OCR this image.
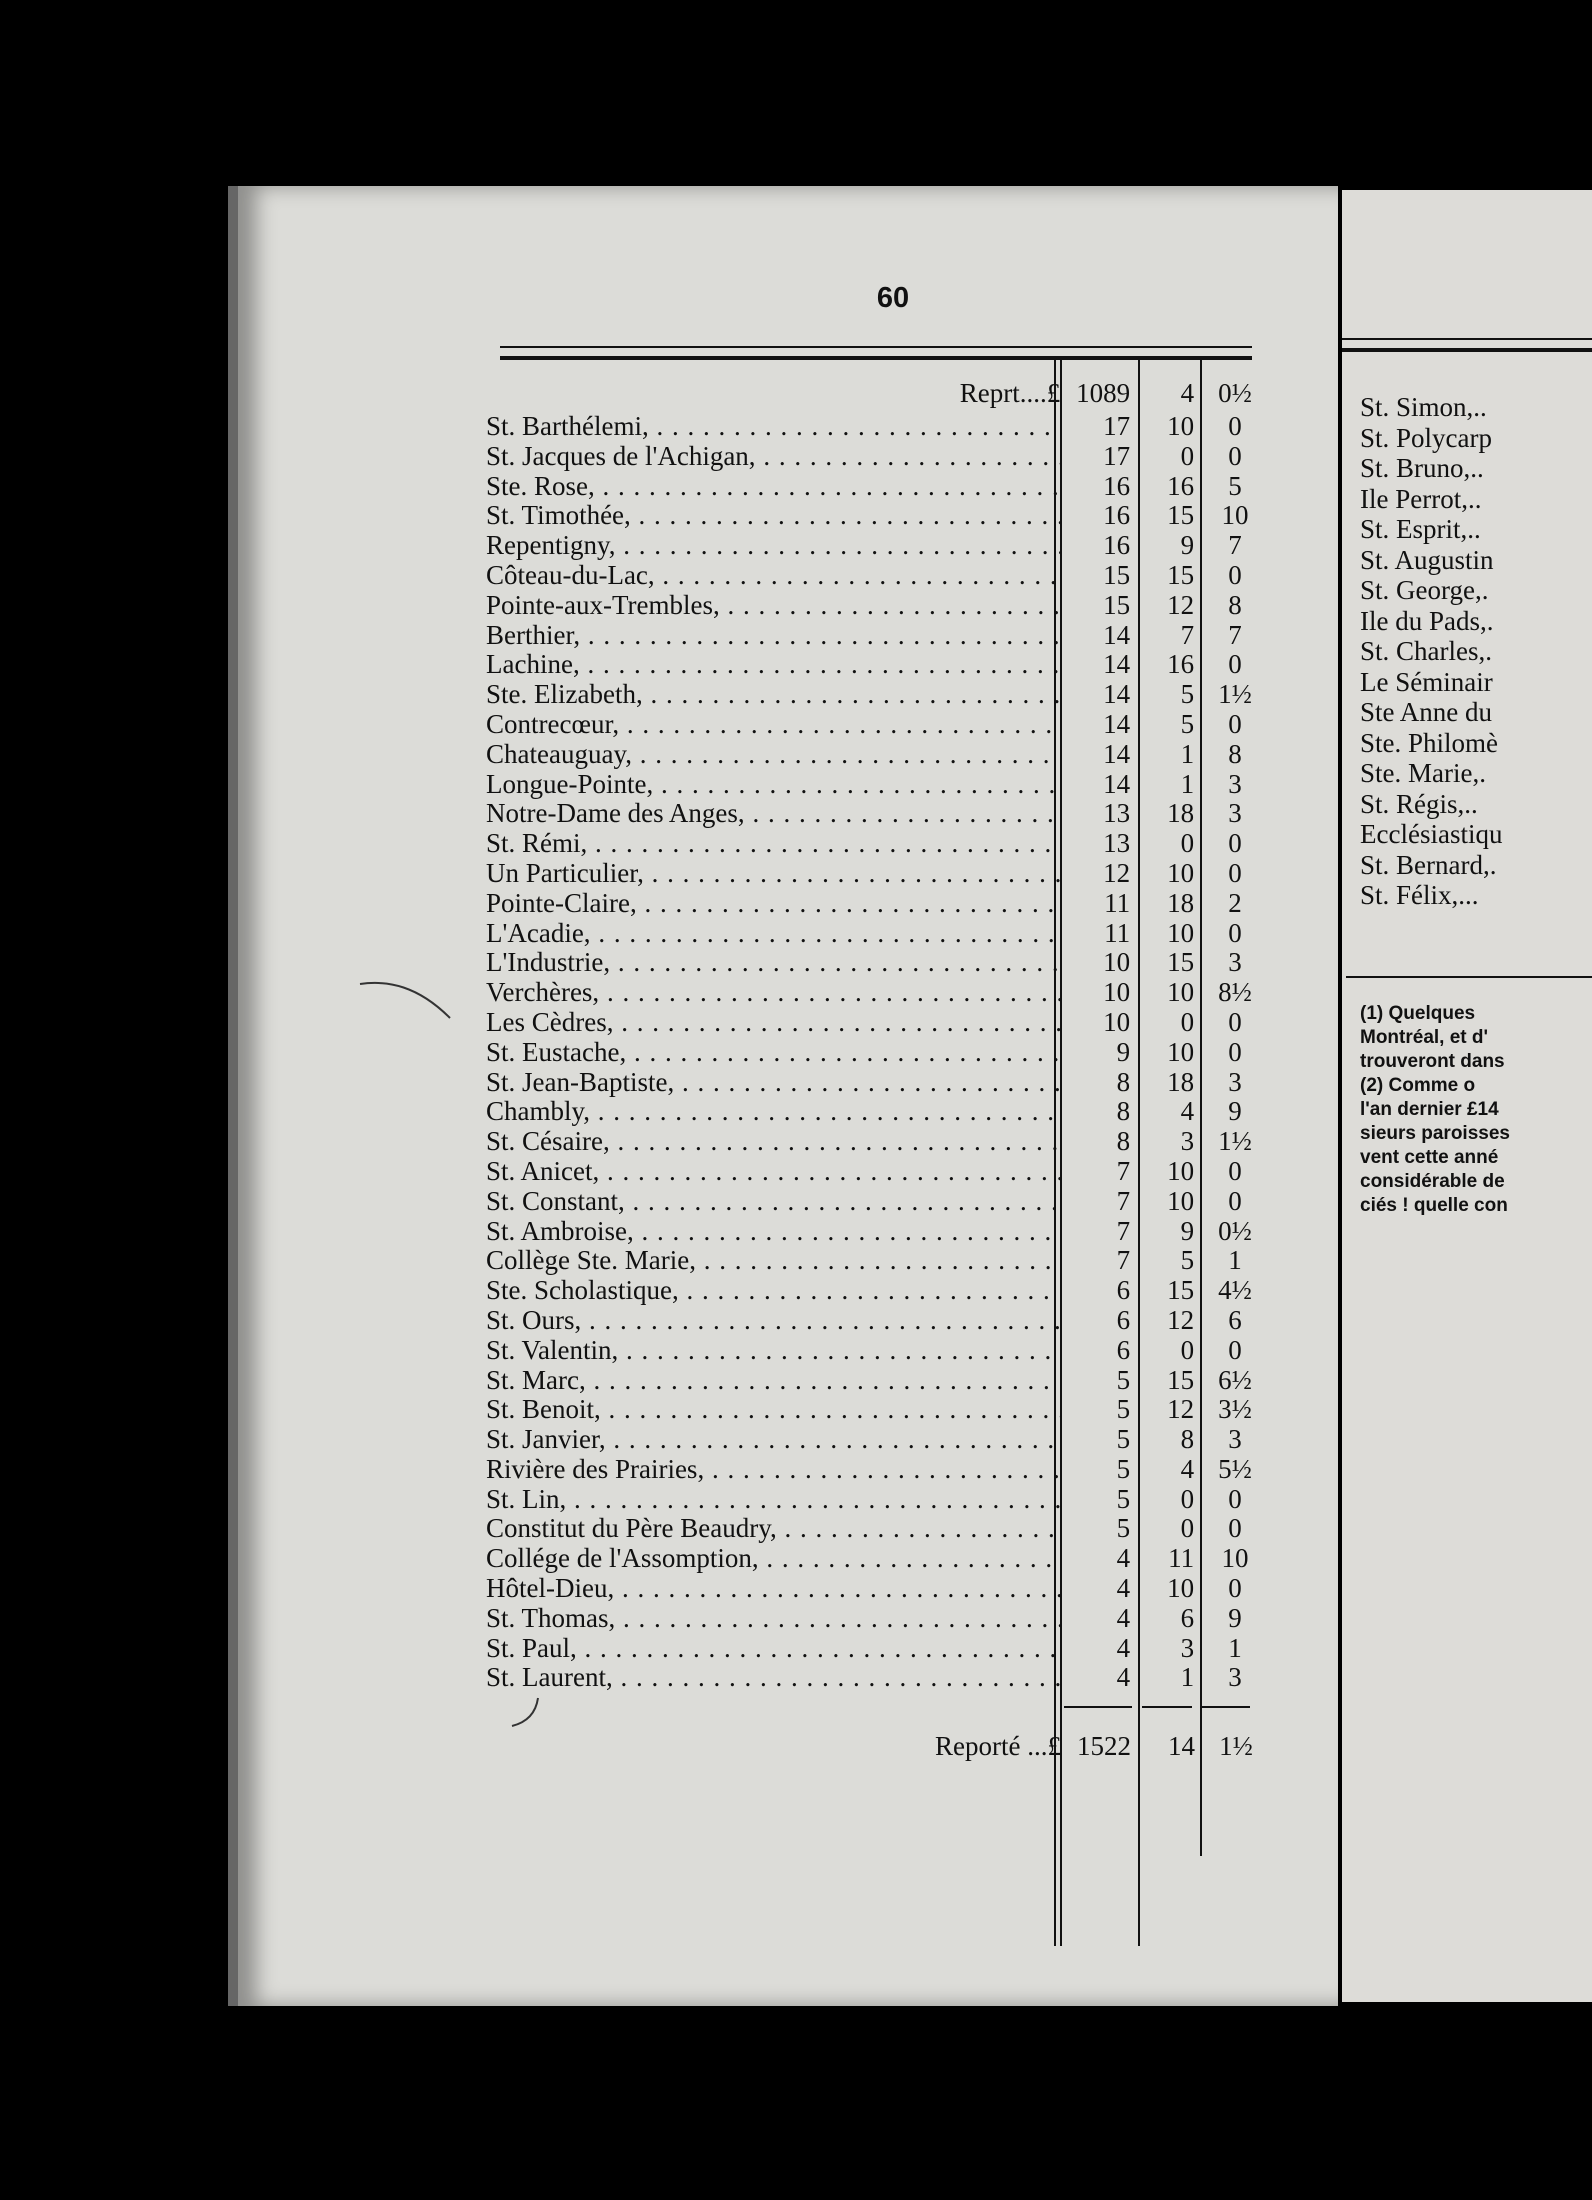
60
Rep⁠rt....£ 1089	4 0½
St. Barthélemi, . . .	17	10	0
St. Jacques de l'Achigan, . . .	17	0	0
Ste. Rose, . . .	16	16	5
St. Timothée, . . .	16	15	10
Repentigny, . . .	16	9	7
Côteau-du-Lac, . . .	15	15	0
Pointe-aux-Trembles, . . .	15	12	8
Berthier, . . .	14	7	7
Lachine, . . .	14	16	0
Ste. Elizabeth, . . .	14	5 1½
Contrecœur, . . .	14	5	0
Chateauguay, . . .	14	1	8
Longue-Pointe, . . .	14	1	3
Notre-Dame des Anges, . . .	13	18	3
St. Rémi, . . .	13	0	0
Un Particulier, . . .	12	10	0
Pointe-Claire, . . .	11	18	2
L'Acadie, . . .	11	10	0
L'Industrie, . . .	10	15	3
Verchères, . . .	10	10 8½
Les Cèdres, . . .	10	0	0
St. Eustache, . . .	9	10	0
St. Jean-Baptiste, . . .	8	18	3
Chambly, . . .	8	4	9
St. Césaire, . . .	8	3 1½
St. Anicet, . . .	7	10	0
St. Constant, . . .	7	10	0
St. Ambroise, . . .	7	9 0½
Collège Ste. Marie, . . .	7	5	1
Ste. Scholastique, . . .	6	15 4½
St. Ours, . . .	6	12	6
St. Valentin, . . .	6	0	0
St. Marc, . . .	5	15 6½
St. Benoit, . . .	5	12 3½
St. Janvier, . . .	5	8	3
Rivière des Prairies, . . .	5	4 5½
St. Lin, . . .	5	0	0
Constitut du Père Beaudry, . . .	5	0	0
Collége de l'Assomption, . . .	4	11	10
Hôtel-Dieu, . . .	4	10	0
St. Thomas, . . .	4	6	9
St. Paul, . . .	4	3	1
St. Laurent, . . .	4	1	3
Reporté ...£ 1522	14 1½
St. Simon,..
St. Polycarp
St. Bruno,..
Ile Perrot,..
St. Esprit,..
St. Augustin
St. George,.
Ile du Pads,.
St. Charles,.
Le Séminair
Ste Anne du
Ste. Philomè
Ste. Marie,.
St. Régis,..
Ecclésiastiqu
St. Bernard,.
St. Félix,...
(1) Quelques
Montréal, et d'
trouveront dans
(2) Comme o
l'an dernier £14
sieurs paroisses
vent cette anné
considérable de
ciés ! quelle con
